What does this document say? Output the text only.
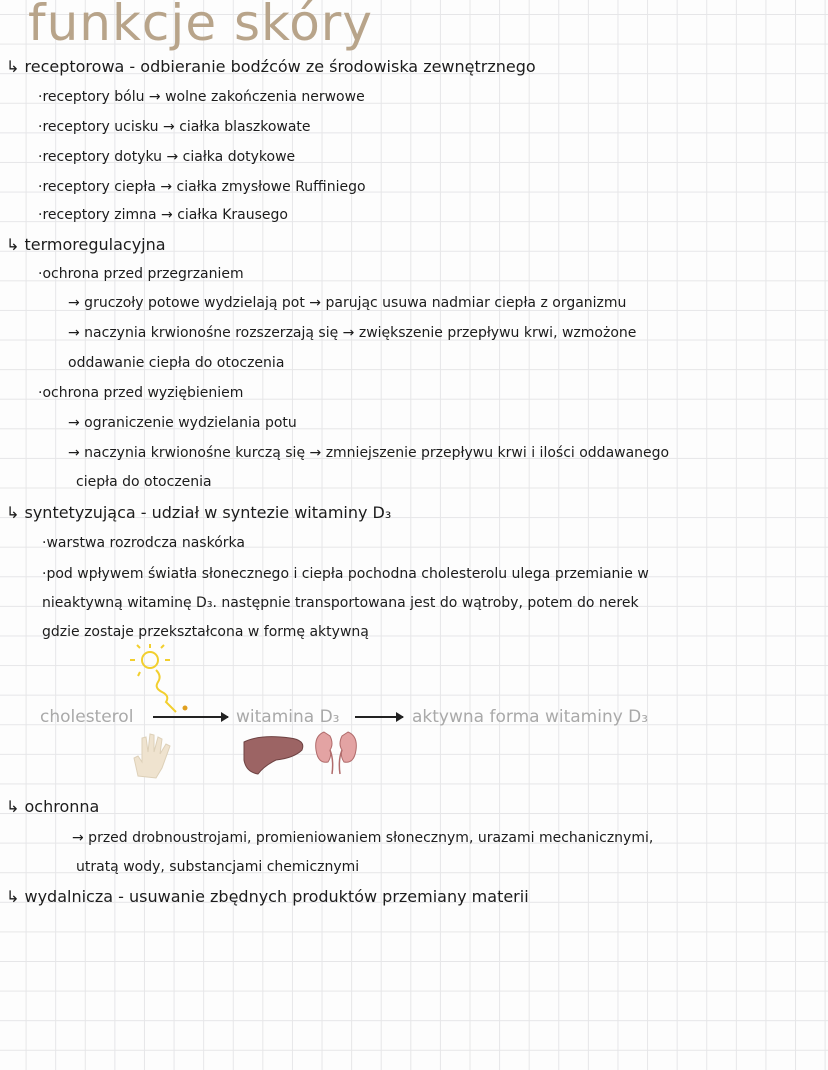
funkcje skóry
↳ receptorowa - odbieranie bodźców ze środowiska zewnętrznego
·receptory bólu → wolne zakończenia nerwowe
·receptory ucisku → ciałka blaszkowate
·receptory dotyku → ciałka dotykowe
·receptory ciepła → ciałka zmysłowe Ruffiniego
·receptory zimna → ciałka Krausego
↳ termoregulacyjna
·ochrona przed przegrzaniem
→ gruczoły potowe wydzielają pot → parując usuwa nadmiar ciepła z organizmu
→ naczynia krwionośne rozszerzają się → zwiększenie przepływu krwi, wzmożone
oddawanie ciepła do otoczenia
·ochrona przed wyziębieniem
→ ograniczenie wydzielania potu
→ naczynia krwionośne kurczą się → zmniejszenie przepływu krwi i ilości oddawanego
ciepła do otoczenia
↳ syntetyzująca - udział w syntezie witaminy D₃
·warstwa rozrodcza naskórka
·pod wpływem światła słonecznego i ciepła pochodna cholesterolu ulega przemianie w
nieaktywną witaminę D₃. następnie transportowana jest do wątroby, potem do nerek
gdzie zostaje przekształcona w formę aktywną
cholesterol	witamina D₃	aktywna forma witaminy D₃
↳ ochronna
→ przed drobnoustrojami, promieniowaniem słonecznym, urazami mechanicznymi,
utratą wody, substancjami chemicznymi
↳ wydalnicza - usuwanie zbędnych produktów przemiany materii
